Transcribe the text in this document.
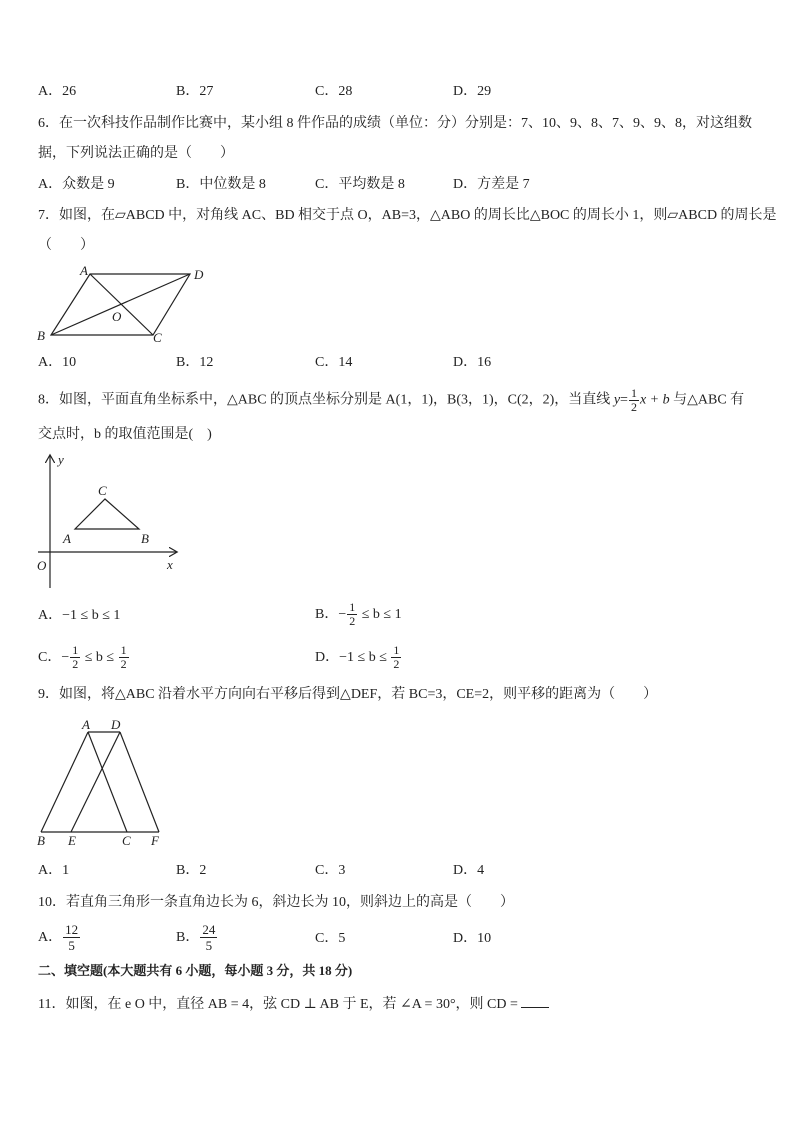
A．26	B．27	C．28	D．29
6．在一次科技作品制作比赛中，某小组 8 件作品的成绩（单位：分）分别是：7、10、9、8、7、9、9、8，对这组数
据，下列说法正确的是（　　）
A．众数是 9	B．中位数是 8	C．平均数是 8	D．方差是 7
7．如图，在▱ABCD 中，对角线 AC、BD 相交于点 O，AB=3，△ABO 的周长比△BOC 的周长小 1，则▱ABCD 的周长是
（　　）
A	D
B	C
O
A．10	B．12	C．14	D．16
8．如图，平面直角坐标系中，△ABC 的顶点坐标分别是 A(1，1)，B(3，1)，C(2，2)，当直线 $y= \frac{1}{2}$ x + b 与△ABC 有
交点时，b 的取值范围是(　)
y
x
O
A	B
C
A．−1 ≤ b ≤ 1	B．− $\frac{1}{2} \le b \le 1$
C．− $\frac{1}{2} \le b \le \frac{1}{2}$	D．$-1 \le b \le \frac{1}{2}$
9．如图，将△ABC 沿着水平方向向右平移后得到△DEF，若 BC=3，CE=2，则平移的距离为（　　）
A D
B E	C F
A．1	B．2	C．3	D．4
10．若直角三角形一条直角边长为 6，斜边长为 10，则斜边上的高是（　　）
A． $\frac{12}{5}$	B． $\frac{24}{5}$	C．5	D．10
二、填空题(本大题共有 6 小题，每小题 3 分，共 18 分)
11．如图，在 e O 中，直径 AB = 4，弦 CD ⊥ AB 于 E，若 ∠A = 30°，则 CD =
